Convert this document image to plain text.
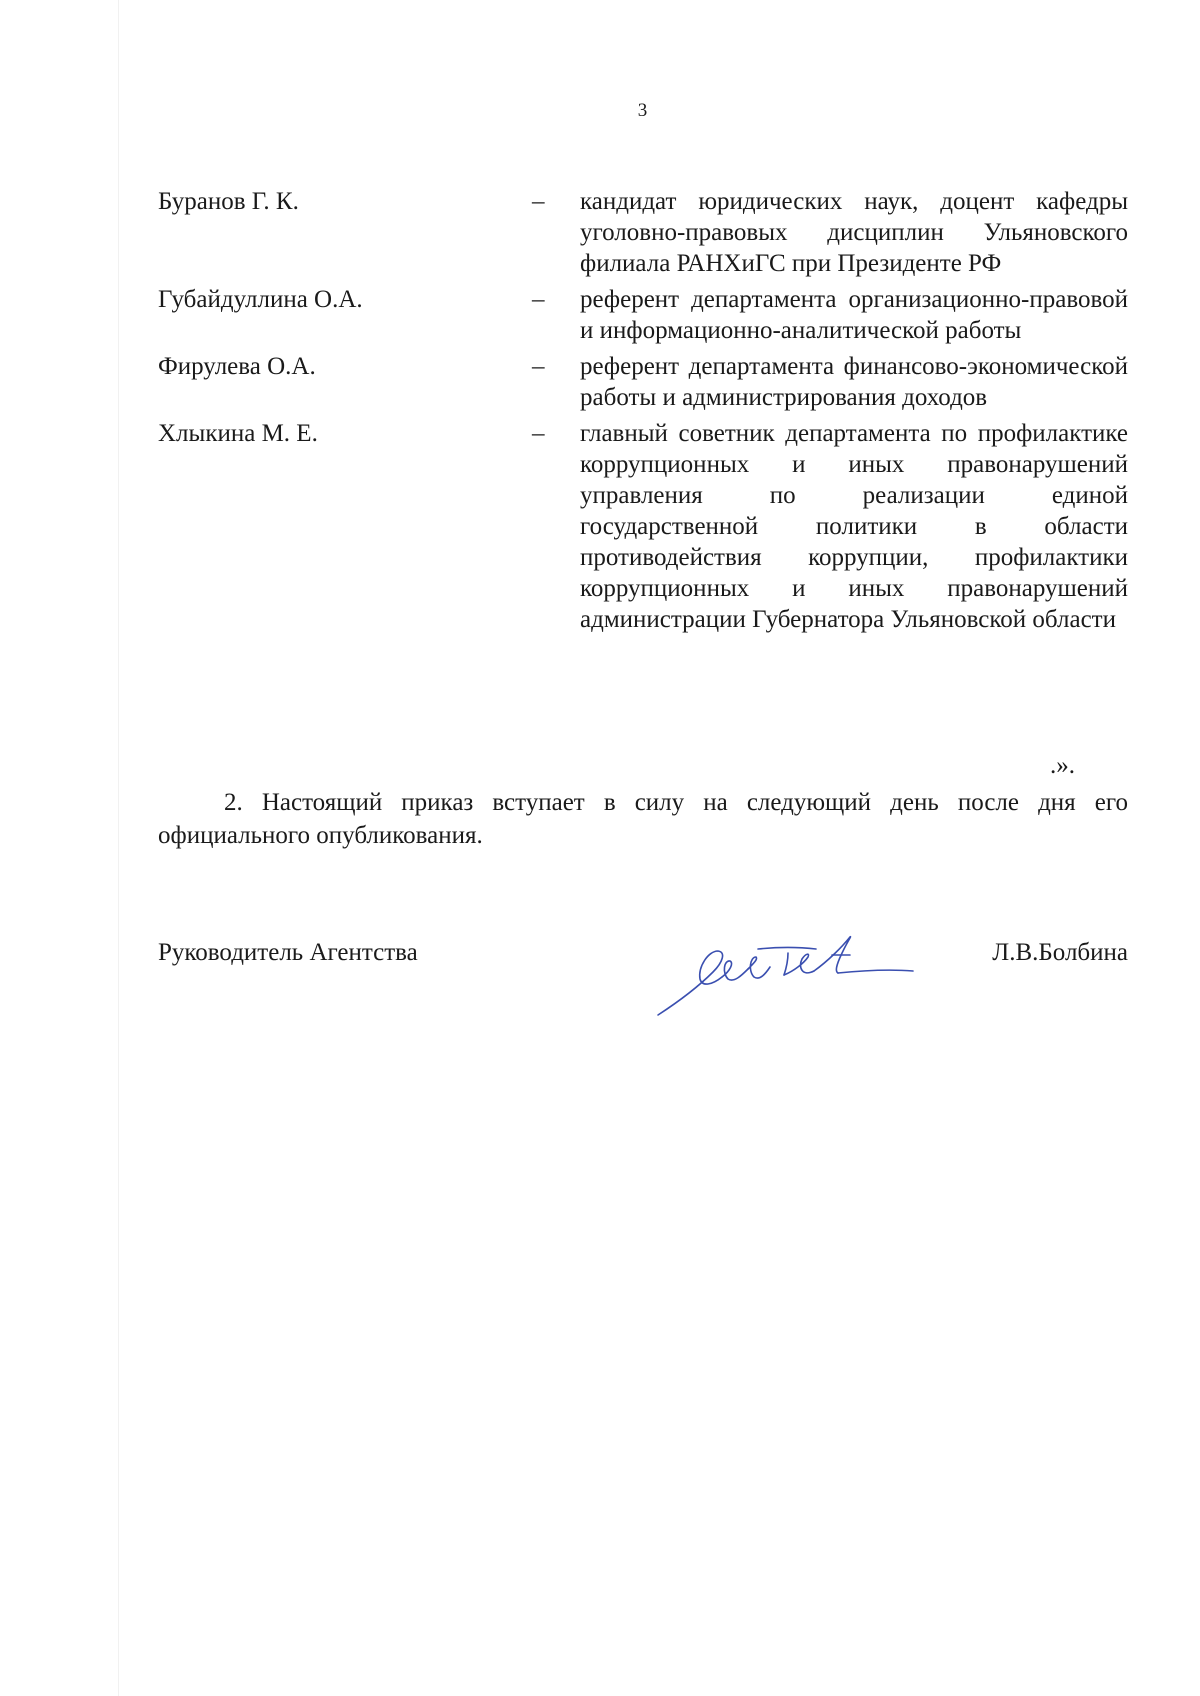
3
Буранов Г. К.	– кандидат юридических наук, доцент кафедры уголовно-правовых дисциплин Ульяновского филиала РАНХиГС при Президенте РФ
Губайдуллина О.А.	– референт департамента организационно-правовой и информационно-аналитической работы
Фирулева О.А.	– референт департамента финансово-экономической работы и администрирования доходов
Хлыкина М. Е.	– главный советник департамента по профилактике коррупционных и иных правонарушений управления по реализации единой государственной политики в области противодействия коррупции, профилактики коррупционных и иных правонарушений администрации Губернатора Ульяновской области
.».
2. Настоящий приказ вступает в силу на следующий день после дня его официального опубликования.
Руководитель Агентства	Л.В.Болбина
